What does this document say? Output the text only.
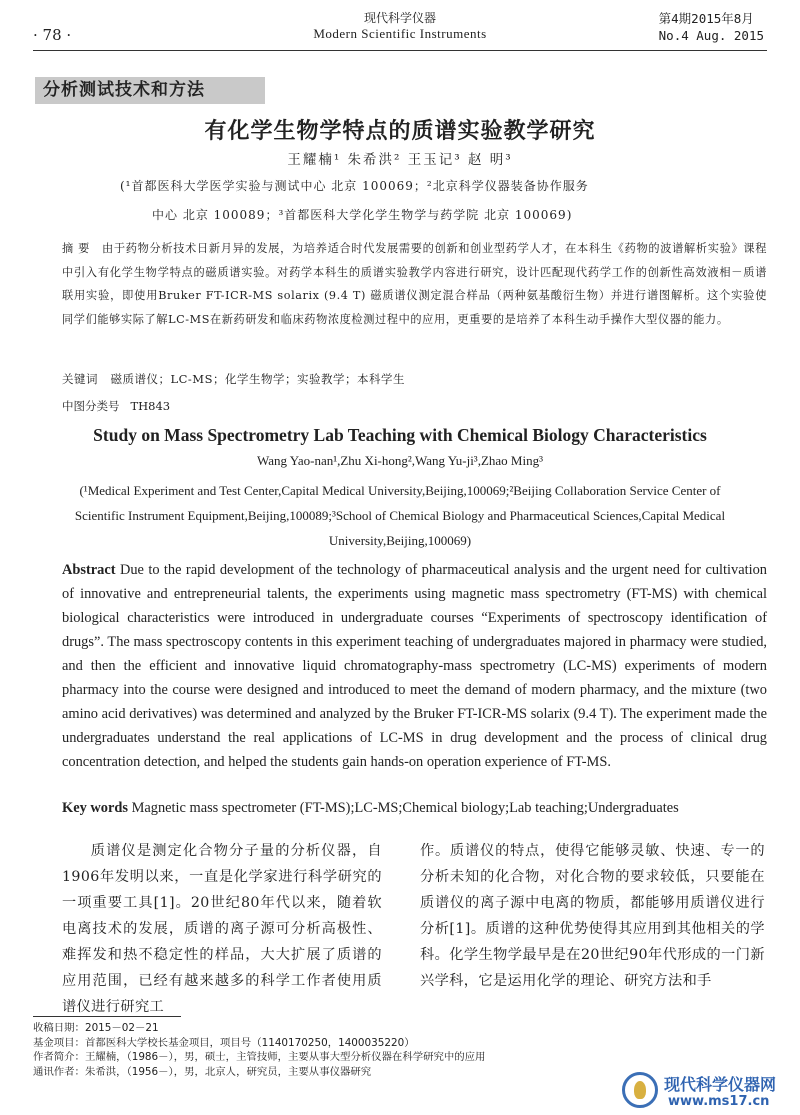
· 78 ·
现代科学仪器
Modern Scientific Instruments
第4期2015年8月
No.4 Aug. 2015
分析测试技术和方法
有化学生物学特点的质谱实验教学研究
王耀楠¹ 朱希洪² 王玉记³ 赵 明³
(¹首都医科大学医学实验与测试中心 北京 100069；²北京科学仪器装备协作服务
中心 北京 100089；³首都医科大学化学生物学与药学院 北京 100069)
摘 要 由于药物分析技术日新月异的发展，为培养适合时代发展需要的创新和创业型药学人才，在本科生《药物的波谱解析实验》课程中引入有化学生物学特点的磁质谱实验。对药学本科生的质谱实验教学内容进行研究，设计匹配现代药学工作的创新性高效液相－质谱联用实验，即使用Bruker FT-ICR-MS solarix (9.4 T) 磁质谱仪测定混合样品（两种氨基酸衍生物）并进行谱图解析。这个实验使同学们能够实际了解LC-MS在新药研发和临床药物浓度检测过程中的应用，更重要的是培养了本科生动手操作大型仪器的能力。
关键词 磁质谱仪；LC-MS；化学生物学；实验教学；本科学生
中图分类号 TH843
Study on Mass Spectrometry Lab Teaching with Chemical Biology Characteristics
Wang Yao-nan¹,Zhu Xi-hong²,Wang Yu-ji³,Zhao Ming³
(¹Medical Experiment and Test Center,Capital Medical University,Beijing,100069;²Beijing Collaboration Service Center of Scientific Instrument Equipment,Beijing,100089;³School of Chemical Biology and Pharmaceutical Sciences,Capital Medical University,Beijing,100069)
Abstract Due to the rapid development of the technology of pharmaceutical analysis and the urgent need for cultivation of innovative and entrepreneurial talents, the experiments using magnetic mass spectrometry (FT-MS) with chemical biological characteristics were introduced in undergraduate courses “Experiments of spectroscopy identification of drugs”. The mass spectroscopy contents in this experiment teaching of undergraduates majored in pharmacy were studied, and then the efficient and innovative liquid chromatography-mass spectrometry (LC-MS) experiments of modern pharmacy into the course were designed and introduced to meet the demand of modern pharmacy, and the mixture (two amino acid derivatives) was determined and analyzed by the Bruker FT-ICR-MS solarix (9.4 T). The experiment made the undergraduates understand the real applications of LC-MS in drug development and the process of clinical drug concentration detection, and helped the students gain hands-on operation experience of FT-MS.
Key words Magnetic mass spectrometer (FT-MS);LC-MS;Chemical biology;Lab teaching;Undergraduates
质谱仪是测定化合物分子量的分析仪器，自1906年发明以来，一直是化学家进行科学研究的一项重要工具[1]。20世纪80年代以来，随着软电离技术的发展，质谱的离子源可分析高极性、难挥发和热不稳定性的样品，大大扩展了质谱的应用范围，已经有越来越多的科学工作者使用质谱仪进行研究工
作。质谱仪的特点，使得它能够灵敏、快速、专一的分析未知的化合物，对化合物的要求较低，只要能在质谱仪的离子源中电离的物质，都能够用质谱仪进行分析[1]。质谱的这种优势使得其应用到其他相关的学科。化学生物学最早是在20世纪90年代形成的一门新兴学科，它是运用化学的理论、研究方法和手
收稿日期：2015－02－21
基金项目：首都医科大学校长基金项目，项目号（1140170250，1400035220）
作者简介：王耀楠，（1986－），男，硕士，主管技师，主要从事大型分析仪器在科学研究中的应用
通讯作者：朱希洪，（1956－），男，北京人，研究员，主要从事仪器研究
现代科学仪器网
www.ms17.cn
